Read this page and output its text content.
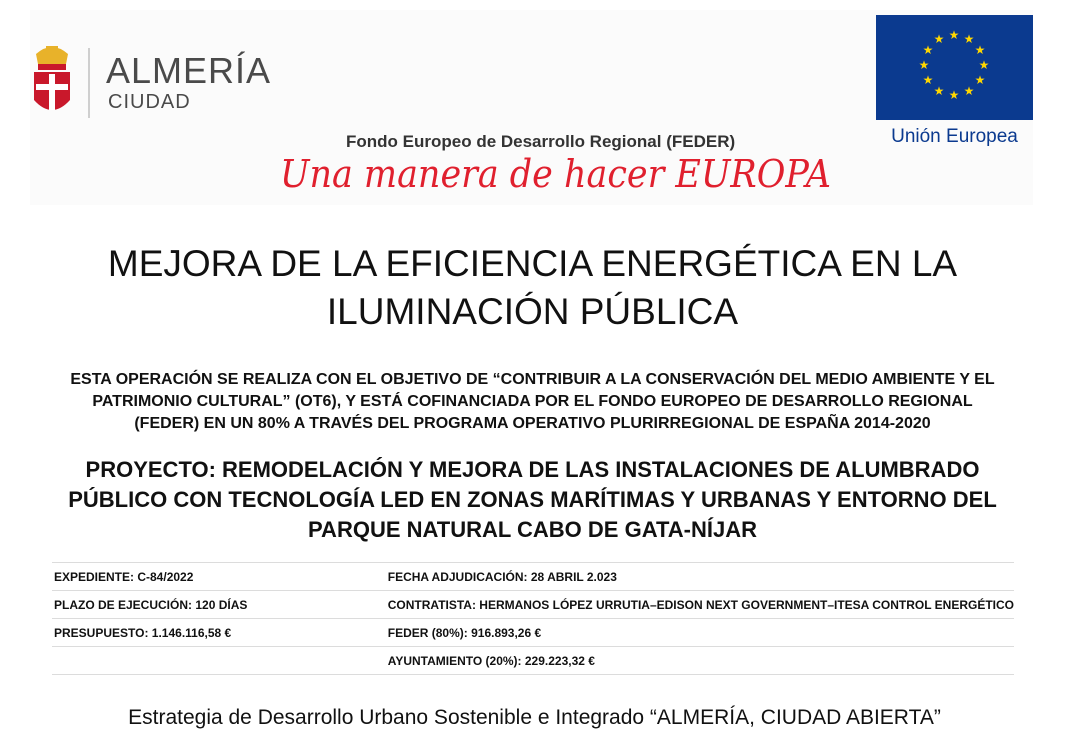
ALMERÍA
CIUDAD
★ ★
★
★
★
★
★
★
★
★
★
★
Unión Europea
Fondo Europeo de Desarrollo Regional (FEDER)
Una manera de hacer EUROPA
MEJORA DE LA EFICIENCIA ENERGÉTICA EN LA
ILUMINACIÓN PÚBLICA
ESTA OPERACIÓN SE REALIZA CON EL OBJETIVO DE “CONTRIBUIR A LA CONSERVACIÓN DEL MEDIO AMBIENTE Y EL
PATRIMONIO CULTURAL” (OT6), Y ESTÁ COFINANCIADA POR EL FONDO EUROPEO DE DESARROLLO REGIONAL
(FEDER) EN UN 80% A TRAVÉS DEL PROGRAMA OPERATIVO PLURIRREGIONAL DE ESPAÑA 2014-2020
PROYECTO: REMODELACIÓN Y MEJORA DE LAS INSTALACIONES DE ALUMBRADO
PÚBLICO CON TECNOLOGÍA LED EN ZONAS MARÍTIMAS Y URBANAS Y ENTORNO DEL
PARQUE NATURAL CABO DE GATA-NÍJAR
EXPEDIENTE: C-84/2022	FECHA ADJUDICACIÓN: 28 ABRIL 2.023
PLAZO DE EJECUCIÓN: 120 DÍAS	CONTRATISTA: HERMANOS LÓPEZ URRUTIA–EDISON NEXT GOVERNMENT–ITESA CONTROL ENERGÉTICO
PRESUPUESTO: 1.146.116,58 €	FEDER (80%): 916.893,26 €
	AYUNTAMIENTO (20%): 229.223,32 €
Estrategia de Desarrollo Urbano Sostenible e Integrado “ALMERÍA, CIUDAD ABIERTA”
